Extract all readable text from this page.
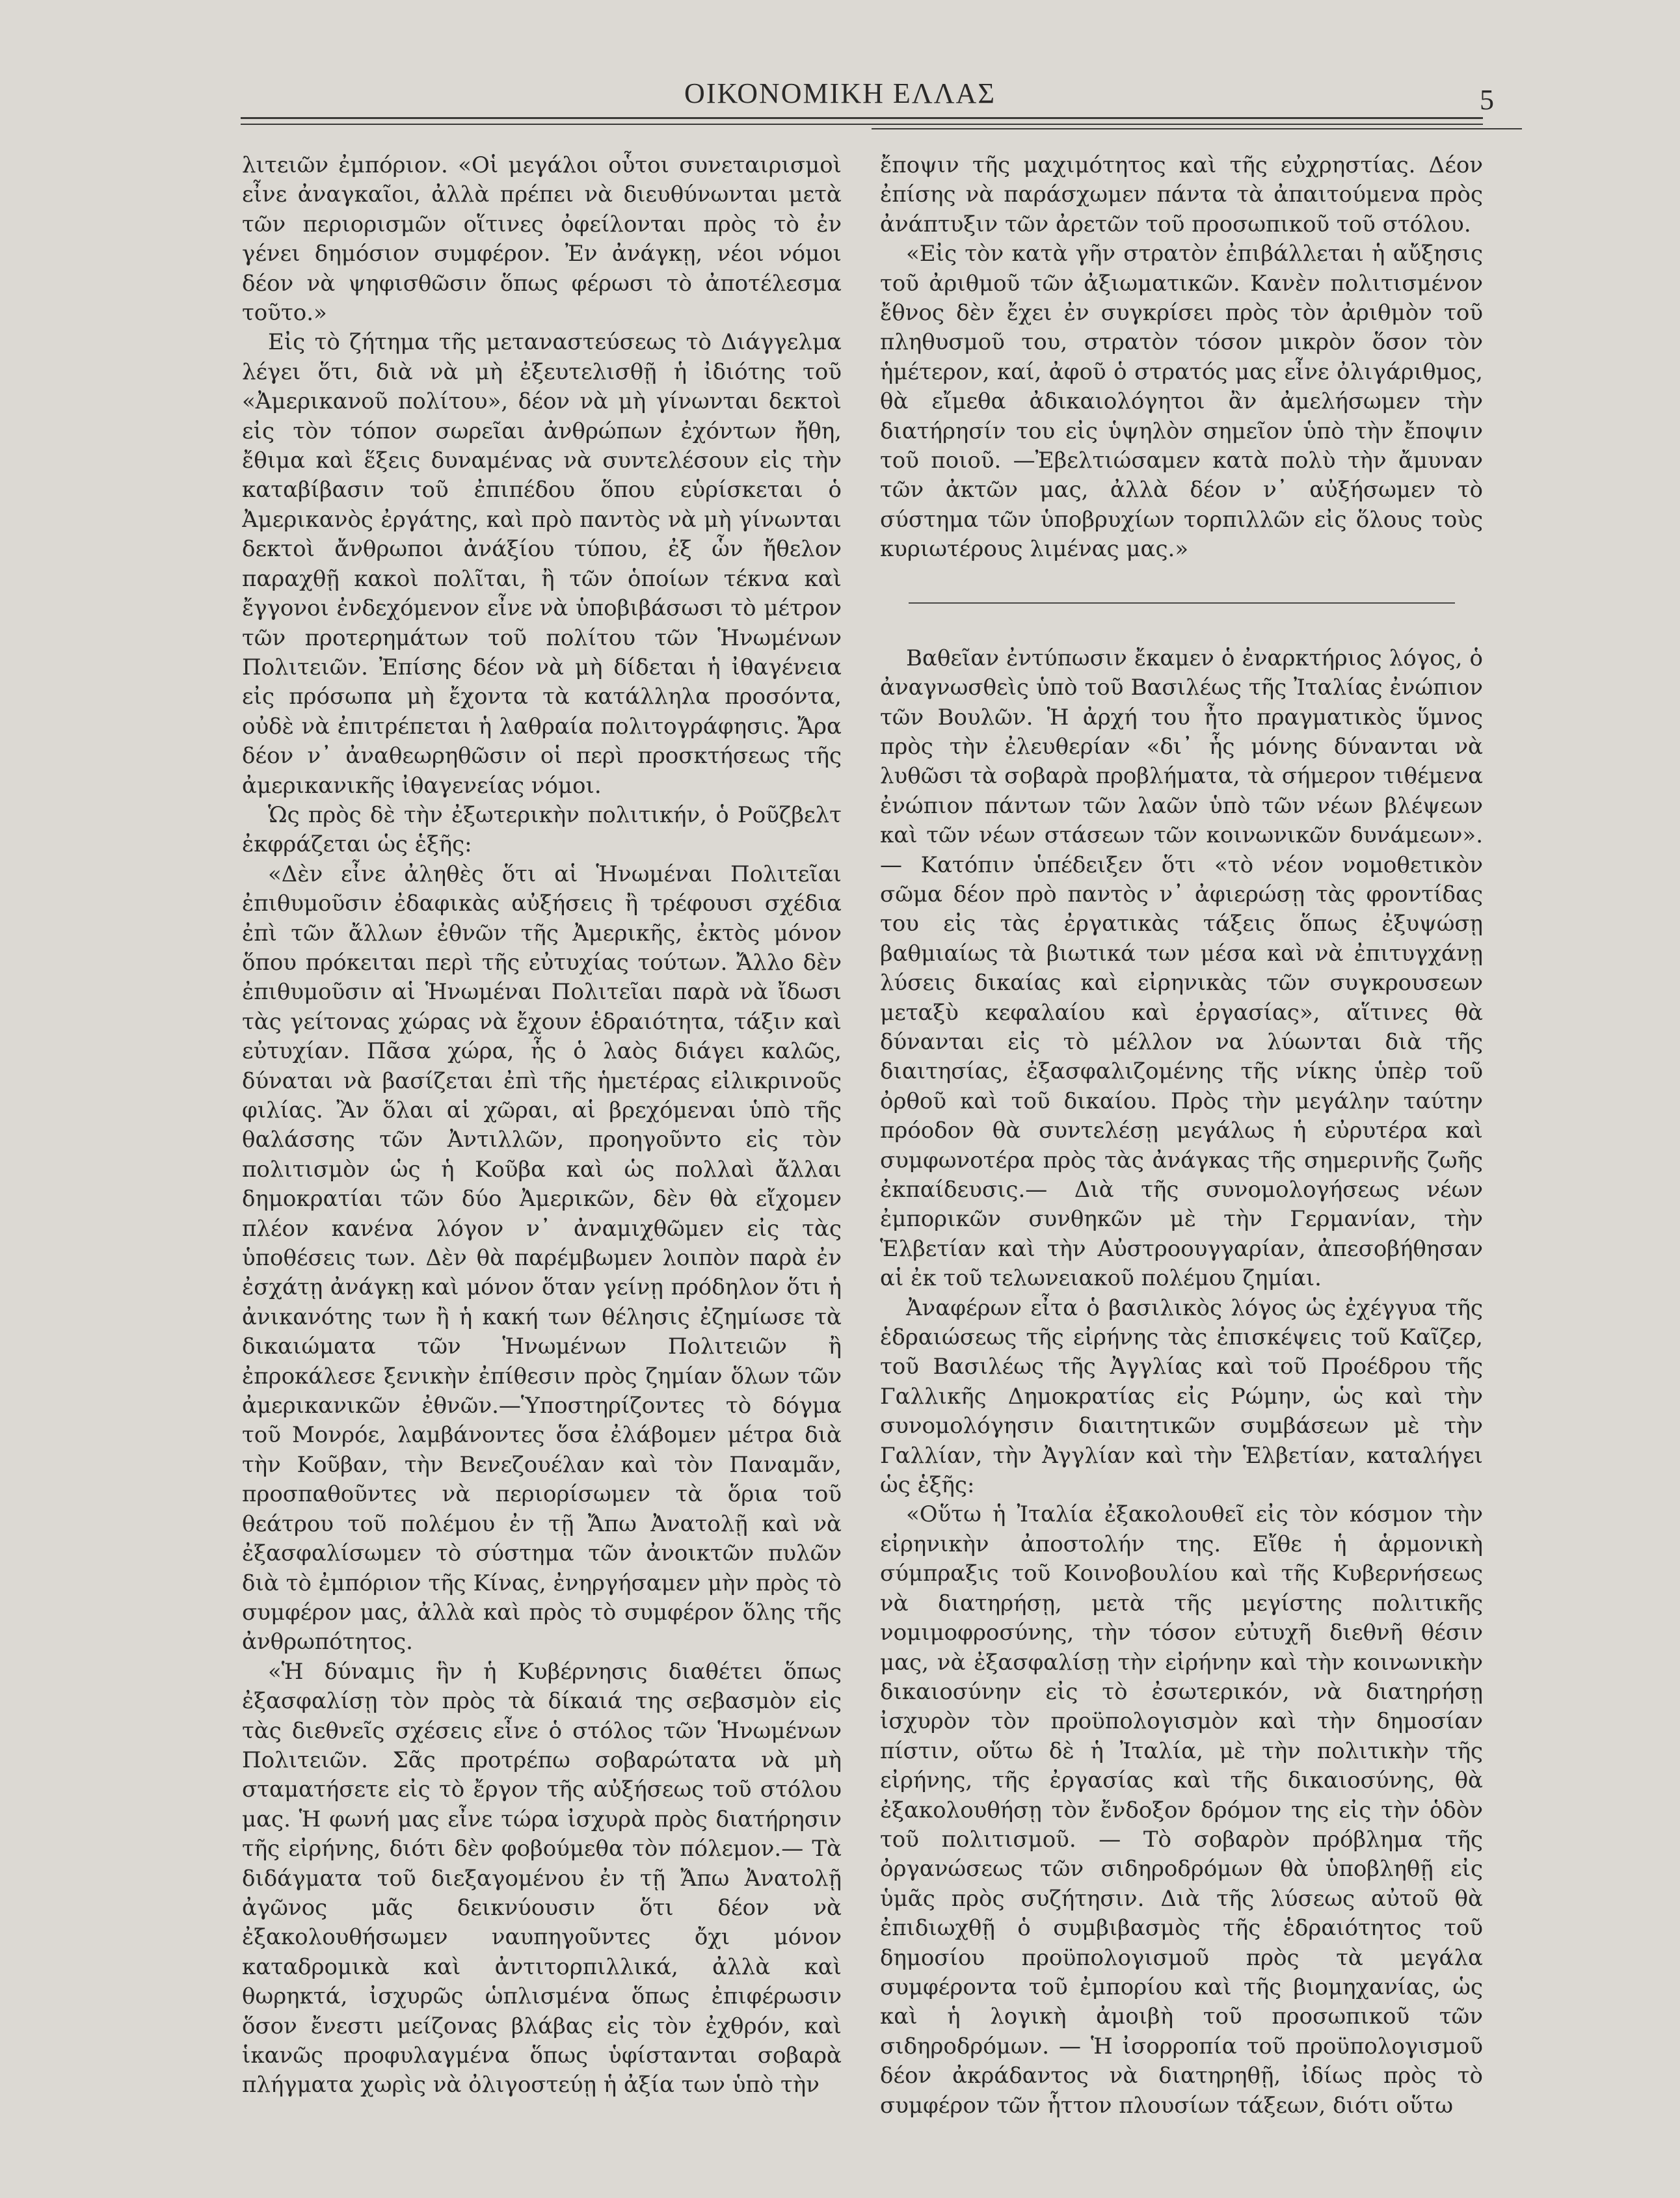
ΟΙΚΟΝΟΜΙΚΗ ΕΛΛΑΣ	5

λιτειῶν ἐμπόριον. «Οἱ μεγάλοι οὗτοι συνεταιρισμοὶ εἶνε ἀναγκαῖοι, ἀλλὰ πρέπει νὰ διευθύνωνται μετὰ τῶν περιορισμῶν οἵτινες ὀφείλονται πρὸς τὸ ἐν γένει δημόσιον συμφέρον. Ἐν ἀνάγκῃ, νέοι νόμοι δέον νὰ ψηφισθῶσιν ὅπως φέρωσι τὸ ἀποτέλεσμα τοῦτο.»

Εἰς τὸ ζήτημα τῆς μεταναστεύσεως τὸ Διάγγελμα λέγει ὅτι, διὰ νὰ μὴ ἐξευτελισθῇ ἡ ἰδιότης τοῦ «Ἀμερικανοῦ πολίτου», δέον νὰ μὴ γίνωνται δεκτοὶ εἰς τὸν τόπον σωρεῖαι ἀνθρώπων ἐχόντων ἤθη, ἔθιμα καὶ ἕξεις δυναμένας νὰ συντελέσουν εἰς τὴν καταβίβασιν τοῦ ἐπιπέδου ὅπου εὑρίσκεται ὁ Ἀμερικανὸς ἐργάτης, καὶ πρὸ παντὸς νὰ μὴ γίνωνται δεκτοὶ ἄνθρωποι ἀνάξίου τύπου, ἐξ ὧν ἤθελον παραχθῇ κακοὶ πολῖται, ἢ τῶν ὁποίων τέκνα καὶ ἔγγονοι ἐνδεχόμενον εἶνε νὰ ὑποβιβάσωσι τὸ μέτρον τῶν προτερημάτων τοῦ πολίτου τῶν Ἡνωμένων Πολιτειῶν. Ἐπίσης δέον νὰ μὴ δίδεται ἡ ἰθαγένεια εἰς πρόσωπα μὴ ἔχοντα τὰ κατάλληλα προσόντα, οὐδὲ νὰ ἐπιτρέπεται ἡ λαθραία πολιτογράφησις. Ἄρα δέον ν᾽ ἀναθεωρηθῶσιν οἱ περὶ προσκτήσεως τῆς ἀμερικανικῆς ἰθαγενείας νόμοι.

Ὡς πρὸς δὲ τὴν ἐξωτερικὴν πολιτικήν, ὁ Ροῦζβελτ ἐκφράζεται ὡς ἑξῆς:

«Δὲν εἶνε ἀληθὲς ὅτι αἱ Ἡνωμέναι Πολιτεῖαι ἐπιθυμοῦσιν ἐδαφικὰς αὐξήσεις ἢ τρέφουσι σχέδια ἐπὶ τῶν ἄλλων ἐθνῶν τῆς Ἀμερικῆς, ἐκτὸς μόνον ὅπου πρόκειται περὶ τῆς εὐτυχίας τούτων. Ἄλλο δὲν ἐπιθυμοῦσιν αἱ Ἡνωμέναι Πολιτεῖαι παρὰ νὰ ἴδωσι τὰς γείτονας χώρας νὰ ἔχουν ἑδραιότητα, τάξιν καὶ εὐτυχίαν. Πᾶσα χώρα, ἧς ὁ λαὸς διάγει καλῶς, δύναται νὰ βασίζεται ἐπὶ τῆς ἡμετέρας εἰλικρινοῦς φιλίας. Ἂν ὅλαι αἱ χῶραι, αἱ βρεχόμεναι ὑπὸ τῆς θαλάσσης τῶν Ἀντιλλῶν, προηγοῦντο εἰς τὸν πολιτισμὸν ὡς ἡ Κοῦβα καὶ ὡς πολλαὶ ἄλλαι δημοκρατίαι τῶν δύο Ἀμερικῶν, δὲν θὰ εἴχομεν πλέον κανένα λόγον ν᾽ ἀναμιχθῶμεν εἰς τὰς ὑποθέσεις των. Δὲν θὰ παρέμβωμεν λοιπὸν παρὰ ἐν ἐσχάτῃ ἀνάγκῃ καὶ μόνον ὅταν γείνῃ πρόδηλον ὅτι ἡ ἀνικανότης των ἢ ἡ κακή των θέλησις ἐζημίωσε τὰ δικαιώματα τῶν Ἡνωμένων Πολιτειῶν ἢ ἐπροκάλεσε ξενικὴν ἐπίθεσιν πρὸς ζημίαν ὅλων τῶν ἀμερικανικῶν ἐθνῶν.—Ὑποστηρίζοντες τὸ δόγμα τοῦ Μονρόε, λαμβάνοντες ὅσα ἐλάβομεν μέτρα διὰ τὴν Κοῦβαν, τὴν Βενεζουέλαν καὶ τὸν Παναμᾶν, προσπαθοῦντες νὰ περιορίσωμεν τὰ ὅρια τοῦ θεάτρου τοῦ πολέμου ἐν τῇ Ἄπω Ἀνατολῇ καὶ νὰ ἐξασφαλίσωμεν τὸ σύστημα τῶν ἀνοικτῶν πυλῶν διὰ τὸ ἐμπόριον τῆς Κίνας, ἐνηργήσαμεν μὴν πρὸς τὸ συμφέρον μας, ἀλλὰ καὶ πρὸς τὸ συμφέρον ὅλης τῆς ἀνθρωπότητος.

«Ἡ δύναμις ἣν ἡ Κυβέρνησις διαθέτει ὅπως ἐξασφαλίσῃ τὸν πρὸς τὰ δίκαιά της σεβασμὸν εἰς τὰς διεθνεῖς σχέσεις εἶνε ὁ στόλος τῶν Ἡνωμένων Πολιτειῶν. Σᾶς προτρέπω σοβαρώτατα νὰ μὴ σταματήσετε εἰς τὸ ἔργον τῆς αὐξήσεως τοῦ στόλου μας. Ἡ φωνή μας εἶνε τώρα ἰσχυρὰ πρὸς διατήρησιν τῆς εἰρήνης, διότι δὲν φοβούμεθα τὸν πόλεμον.— Τὰ διδάγματα τοῦ διεξαγομένου ἐν τῇ Ἄπω Ἀνατολῇ ἀγῶνος μᾶς δεικνύουσιν ὅτι δέον νὰ ἐξακολουθήσωμεν ναυπηγοῦντες ὄχι μόνον καταδρομικὰ καὶ ἀντιτορπιλλικά, ἀλλὰ καὶ θωρηκτά, ἰσχυρῶς ὡπλισμένα ὅπως ἐπιφέρωσιν ὅσον ἔνεστι μείζονας βλάβας εἰς τὸν ἐχθρόν, καὶ ἱκανῶς προφυλαγμένα ὅπως ὑφίστανται σοβαρὰ πλήγματα χωρὶς νὰ ὀλιγοστεύῃ ἡ ἀξία των ὑπὸ τὴν

ἔποψιν τῆς μαχιμότητος καὶ τῆς εὐχρηστίας. Δέον ἐπίσης νὰ παράσχωμεν πάντα τὰ ἀπαιτούμενα πρὸς ἀνάπτυξιν τῶν ἀρετῶν τοῦ προσωπικοῦ τοῦ στόλου.

«Εἰς τὸν κατὰ γῆν στρατὸν ἐπιβάλλεται ἡ αὔξησις τοῦ ἀριθμοῦ τῶν ἀξιωματικῶν. Κανὲν πολιτισμένον ἔθνος δὲν ἔχει ἐν συγκρίσει πρὸς τὸν ἀριθμὸν τοῦ πληθυσμοῦ του, στρατὸν τόσον μικρὸν ὅσον τὸν ἡμέτερον, καί, ἀφοῦ ὁ στρατός μας εἶνε ὀλιγάριθμος, θὰ εἴμεθα ἀδικαιολόγητοι ἂν ἀμελήσωμεν τὴν διατήρησίν του εἰς ὑψηλὸν σημεῖον ὑπὸ τὴν ἔποψιν τοῦ ποιοῦ. —Ἐβελτιώσαμεν κατὰ πολὺ τὴν ἄμυναν τῶν ἀκτῶν μας, ἀλλὰ δέον ν᾽ αὐξήσωμεν τὸ σύστημα τῶν ὑποβρυχίων τορπιλλῶν εἰς ὅλους τοὺς κυριωτέρους λιμένας μας.»

Βαθεῖαν ἐντύπωσιν ἔκαμεν ὁ ἐναρκτήριος λόγος, ὁ ἀναγνωσθεὶς ὑπὸ τοῦ Βασιλέως τῆς Ἰταλίας ἐνώπιον τῶν Βουλῶν. Ἡ ἀρχή του ἦτο πραγματικὸς ὕμνος πρὸς τὴν ἐλευθερίαν «δι᾽ ἧς μόνης δύνανται νὰ λυθῶσι τὰ σοβαρὰ προβλήματα, τὰ σήμερον τιθέμενα ἐνώπιον πάντων τῶν λαῶν ὑπὸ τῶν νέων βλέψεων καὶ τῶν νέων στάσεων τῶν κοινωνικῶν δυνάμεων». — Κατόπιν ὑπέδειξεν ὅτι «τὸ νέον νομοθετικὸν σῶμα δέον πρὸ παντὸς ν᾽ ἀφιερώσῃ τὰς φροντίδας του εἰς τὰς ἐργατικὰς τάξεις ὅπως ἐξυψώσῃ βαθμιαίως τὰ βιωτικά των μέσα καὶ νὰ ἐπιτυγχάνῃ λύσεις δικαίας καὶ εἰρηνικὰς τῶν συγκρουσεων μεταξὺ κεφαλαίου καὶ ἐργασίας», αἵτινες θὰ δύνανται εἰς τὸ μέλλον να λύωνται διὰ τῆς διαιτησίας, ἐξασφαλιζομένης τῆς νίκης ὑπὲρ τοῦ ὀρθοῦ καὶ τοῦ δικαίου. Πρὸς τὴν μεγάλην ταύτην πρόοδον θὰ συντελέσῃ μεγάλως ἡ εὐρυτέρα καὶ συμφωνοτέρα πρὸς τὰς ἀνάγκας τῆς σημερινῆς ζωῆς ἐκπαίδευσις.— Διὰ τῆς συνομολογήσεως νέων ἐμπορικῶν συνθηκῶν μὲ τὴν Γερμανίαν, τὴν Ἑλβετίαν καὶ τὴν Αὐστροουγγαρίαν, ἀπεσοβήθησαν αἱ ἐκ τοῦ τελωνειακοῦ πολέμου ζημίαι.

Ἀναφέρων εἶτα ὁ βασιλικὸς λόγος ὡς ἐχέγγυα τῆς ἑδραιώσεως τῆς εἰρήνης τὰς ἐπισκέψεις τοῦ Καῖζερ, τοῦ Βασιλέως τῆς Ἀγγλίας καὶ τοῦ Προέδρου τῆς Γαλλικῆς Δημοκρατίας εἰς Ρώμην, ὡς καὶ τὴν συνομολόγησιν διαιτητικῶν συμβάσεων μὲ τὴν Γαλλίαν, τὴν Ἀγγλίαν καὶ τὴν Ἑλβετίαν, καταλήγει ὡς ἑξῆς:

«Οὕτω ἡ Ἰταλία ἐξακολουθεῖ εἰς τὸν κόσμον τὴν εἰρηνικὴν ἀποστολήν της. Εἴθε ἡ ἁρμονικὴ σύμπραξις τοῦ Κοινοβουλίου καὶ τῆς Κυβερνήσεως νὰ διατηρήσῃ, μετὰ τῆς μεγίστης πολιτικῆς νομιμοφροσύνης, τὴν τόσον εὐτυχῆ διεθνῆ θέσιν μας, νὰ ἐξασφαλίσῃ τὴν εἰρήνην καὶ τὴν κοινωνικὴν δικαιοσύνην εἰς τὸ ἐσωτερικόν, νὰ διατηρήσῃ ἰσχυρὸν τὸν προϋπολογισμὸν καὶ τὴν δημοσίαν πίστιν, οὕτω δὲ ἡ Ἰταλία, μὲ τὴν πολιτικὴν τῆς εἰρήνης, τῆς ἐργασίας καὶ τῆς δικαιοσύνης, θὰ ἐξακολουθήσῃ τὸν ἔνδοξον δρόμον της εἰς τὴν ὁδὸν τοῦ πολιτισμοῦ. — Τὸ σοβαρὸν πρόβλημα τῆς ὀργανώσεως τῶν σιδηροδρόμων θὰ ὑποβληθῇ εἰς ὑμᾶς πρὸς συζήτησιν. Διὰ τῆς λύσεως αὐτοῦ θὰ ἐπιδιωχθῇ ὁ συμβιβασμὸς τῆς ἑδραιότητος τοῦ δημοσίου προϋπολογισμοῦ πρὸς τὰ μεγάλα συμφέροντα τοῦ ἐμπορίου καὶ τῆς βιομηχανίας, ὡς καὶ ἡ λογικὴ ἀμοιβὴ τοῦ προσωπικοῦ τῶν σιδηροδρόμων. — Ἡ ἰσορροπία τοῦ προϋπολογισμοῦ δέον ἀκράδαντος νὰ διατηρηθῇ, ἰδίως πρὸς τὸ συμφέρον τῶν ἧττον πλουσίων τάξεων, διότι οὕτω
